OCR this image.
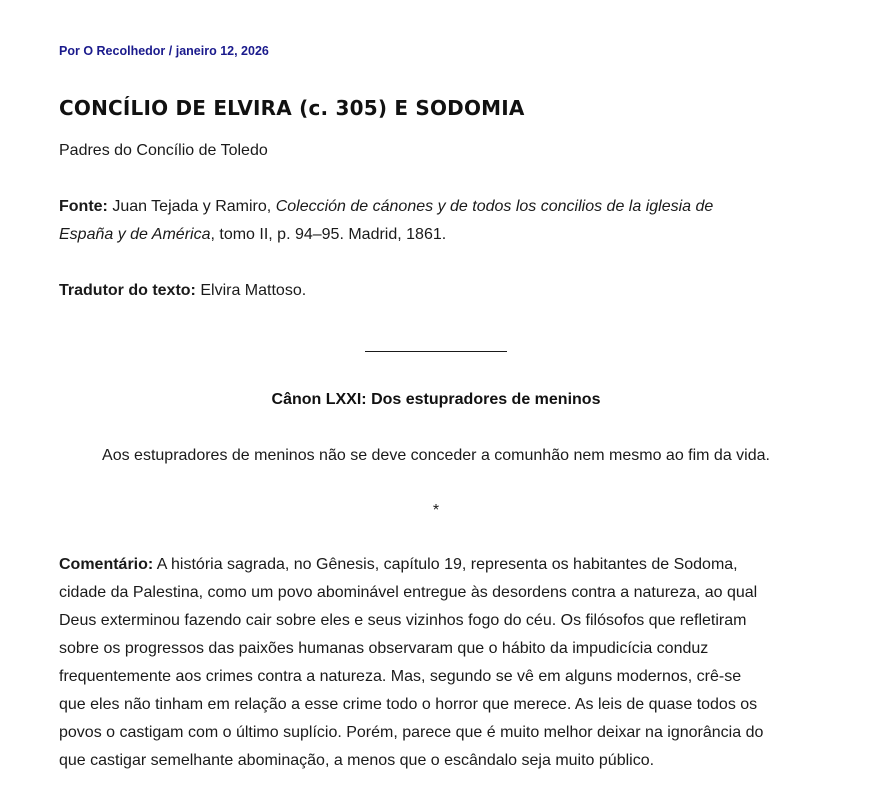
Por O Recolhedor / janeiro 12, 2026
CONCÍLIO DE ELVIRA (c. 305) E SODOMIA

Padres do Concílio de Toledo

Fonte: Juan Tejada y Ramiro, Colección de cánones y de todos los concilios de la iglesia de
España y de América, tomo II, p. 94–95. Madrid, 1861.

Tradutor do texto: Elvira Mattoso.

Cânon LXXI: Dos estupradores de meninos
Aos estupradores de meninos não se deve conceder a comunhão nem mesmo ao fim da vida.
*

Comentário: A história sagrada, no Gênesis, capítulo 19, representa os habitantes de Sodoma,
cidade da Palestina, como um povo abominável entregue às desordens contra a natureza, ao qual
Deus exterminou fazendo cair sobre eles e seus vizinhos fogo do céu. Os filósofos que refletiram
sobre os progressos das paixões humanas observaram que o hábito da impudicícia conduz
frequentemente aos crimes contra a natureza. Mas, segundo se vê em alguns modernos, crê-se
que eles não tinham em relação a esse crime todo o horror que merece. As leis de quase todos os
povos o castigam com o último suplício. Porém, parece que é muito melhor deixar na ignorância do
que castigar semelhante abominação, a menos que o escândalo seja muito público.
